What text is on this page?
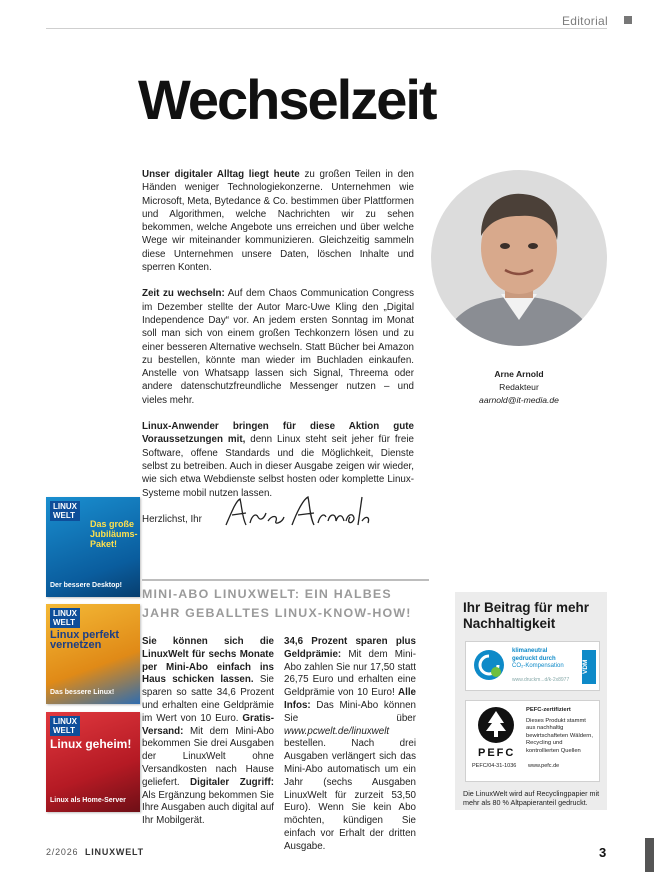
Editorial
Wechselzeit

Unser digitaler Alltag liegt heute zu großen Teilen in den Händen weniger Technologiekonzerne. Unternehmen wie Microsoft, Meta, Bytedance & Co. bestimmen über Plattformen und Algorithmen, welche Nachrichten wir zu sehen bekommen, welche Angebote uns erreichen und über welche Wege wir miteinander kommunizieren. Gleichzeitig sammeln diese Unternehmen unsere Daten, löschen Inhalte und sperren Konten.

Zeit zu wechseln: Auf dem Chaos Communication Congress im Dezember stellte der Autor Marc-Uwe Kling den „Digital Independence Day“ vor. An jedem ersten Sonntag im Monat soll man sich von einem großen Techkonzern lösen und zu einer besseren Alternative wechseln. Statt Bücher bei Amazon zu bestellen, könnte man wieder im Buchladen einkaufen. Anstelle von Whatsapp lassen sich Signal, Threema oder andere datenschutzfreundliche Messenger nutzen – und vieles mehr.

Linux-Anwender bringen für diese Aktion gute Voraussetzungen mit, denn Linux steht seit jeher für freie Software, offene Standards und die Möglichkeit, Dienste selbst zu betreiben. Auch in dieser Ausgabe zeigen wir wieder, wie sich etwa Webdienste selbst hosten oder komplette Linux-Systeme mobil nutzen lassen.

Herzlichst, Ihr

Arne Arnold
Redakteur
aarnold@it-media.de
LINUX
WELT
Das große Jubiläums-Paket!
Der bessere Desktop!
LINUX
WELT
Linux perfekt vernetzen
Das bessere Linux!
LINUX
WELT
Linux geheim!
Linux als Home-Server
MINI-ABO LINUXWELT: EIN HALBES
JAHR GEBALLTES LINUX-KNOW-HOW!
Sie können sich die LinuxWelt für sechs Monate per Mini-Abo einfach ins Haus schicken lassen. Sie sparen so satte 34,6 Prozent und erhalten eine Geldprämie im Wert von 10 Euro. Gratis-Versand: Mit dem Mini-Abo bekommen Sie drei Ausgaben der LinuxWelt ohne Versandkosten nach Hause geliefert. Digitaler Zugriff: Als Ergänzung bekommen Sie Ihre Ausgaben auch digital auf Ihr Mobilgerät.
34,6 Prozent sparen plus Geldprämie: Mit dem Mini-Abo zahlen Sie nur 17,50 statt 26,75 Euro und erhalten eine Geldprämie von 10 Euro! Alle Infos: Das Mini-Abo können Sie über www.pcwelt.de/linuxwelt bestellen. Nach drei Ausgaben verlängert sich das Mini-Abo automatisch um ein Jahr (sechs Ausgaben LinuxWelt für zurzeit 53,50 Euro). Wenn Sie kein Abo möchten, kündigen Sie einfach vor Erhalt der dritten Ausgabe.
Ihr Beitrag für mehr Nachhaltigkeit
klimaneutral
gedruckt durch
CO₂-Kompensation
www.druckm...d/k-2x8977
VDM
PEFC
PEFC/04-31-1036
PEFC-zertifiziert
Dieses Produkt stammt aus nachhaltig bewirtschafteten Wäldern, Recycling und kontrollierten Quellen
www.pefc.de
Die LinuxWelt wird auf Recyclingpapier mit mehr als 80 % Altpapieranteil gedruckt.
2/2026 LINUXWELT	3
